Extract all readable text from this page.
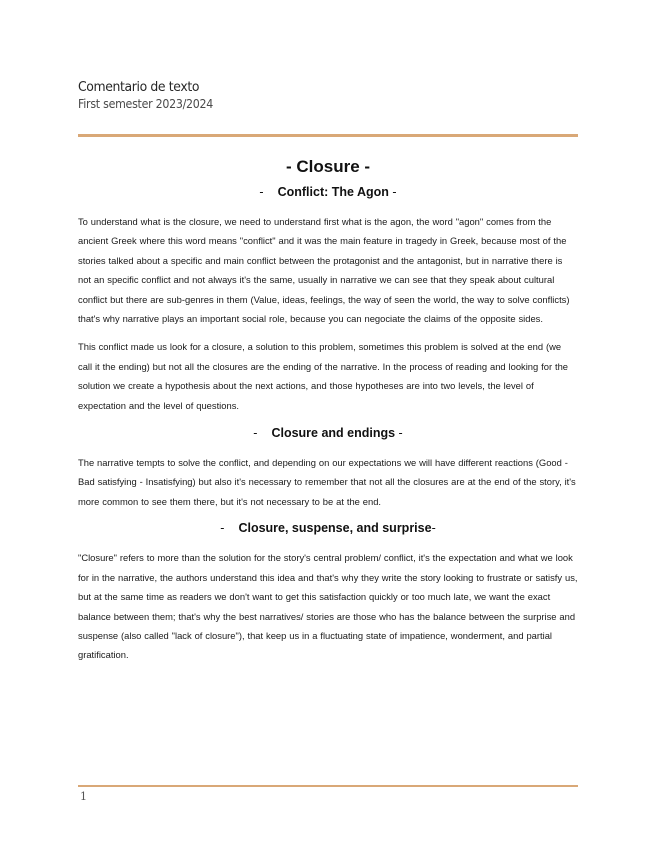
Comentario de texto
First semester 2023/2024
- Closure -
- Conflict: The Agon -

To understand what is the closure, we need to understand first what is the agon, the word "agon" comes from the ancient Greek where this word means "conflict" and it was the main feature in tragedy in Greek, because most of the stories talked about a specific and main conflict between the protagonist and the antagonist, but in narrative there is not an specific conflict and not always it's the same, usually in narrative we can see that they speak about cultural conflict but there are sub-genres in them (Value, ideas, feelings, the way of seen the world, the way to solve conflicts) that's why narrative plays an important social role, because you can negociate the claims of the opposite sides.

This conflict made us look for a closure, a solution to this problem, sometimes this problem is solved at the end (we call it the ending) but not all the closures are the ending of the narrative. In the process of reading and looking for the solution we create a hypothesis about the next actions, and those hypotheses are into two levels, the level of expectation and the level of questions.

- Closure and endings -

The narrative tempts to solve the conflict, and depending on our expectations we will have different reactions (Good - Bad satisfying - Insatisfying) but also it's necessary to remember that not all the closures are at the end of the story, it's more common to see them there, but it's not necessary to be at the end.

- Closure, suspense, and surprise-

"Closure" refers to more than the solution for the story's central problem/ conflict, it's the expectation and what we look for in the narrative, the authors understand this idea and that's why they write the story looking to frustrate or satisfy us, but at the same time as readers we don't want to get this satisfaction quickly or too much late, we want the exact balance between them; that's why the best narratives/ stories are those who has the balance between the surprise and suspense (also called "lack of closure"), that keep us in a fluctuating state of impatience, wonderment, and partial gratification.

1
